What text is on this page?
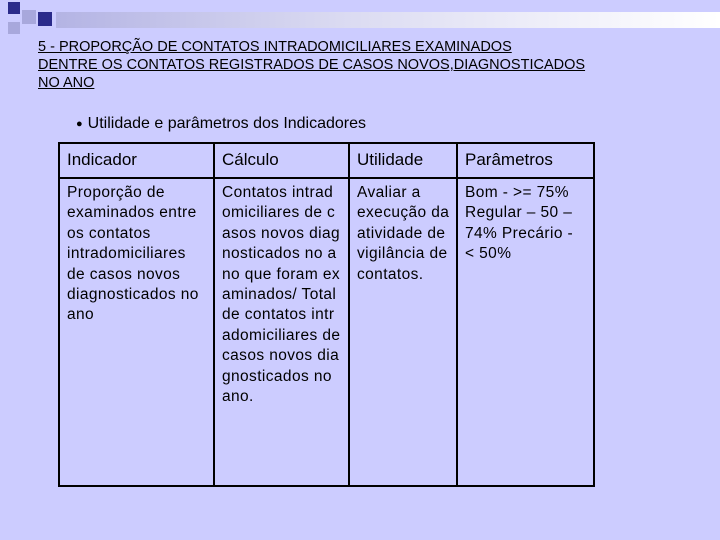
5 - PROPORÇÃO DE CONTATOS INTRADOMICILIARES EXAMINADOS
DENTRE OS CONTATOS REGISTRADOS DE CASOS NOVOS,DIAGNOSTICADOS
NO ANO
● Utilidade e parâmetros dos Indicadores
Indicador	Cálculo	Utilidade	Parâmetros
Proporção de examinados entre os contatos intradomiciliares de casos novos diagnosticados no ano	Contatos intradomiciliares de casos novos diagnosticados no ano que foram examinados/ Total de contatos intradomiciliares de casos novos diagnosticados no ano.	Avaliar a execução da atividade de vigilância de contatos.	Bom - >= 75% Regular – 50 – 74% Precário - < 50%
